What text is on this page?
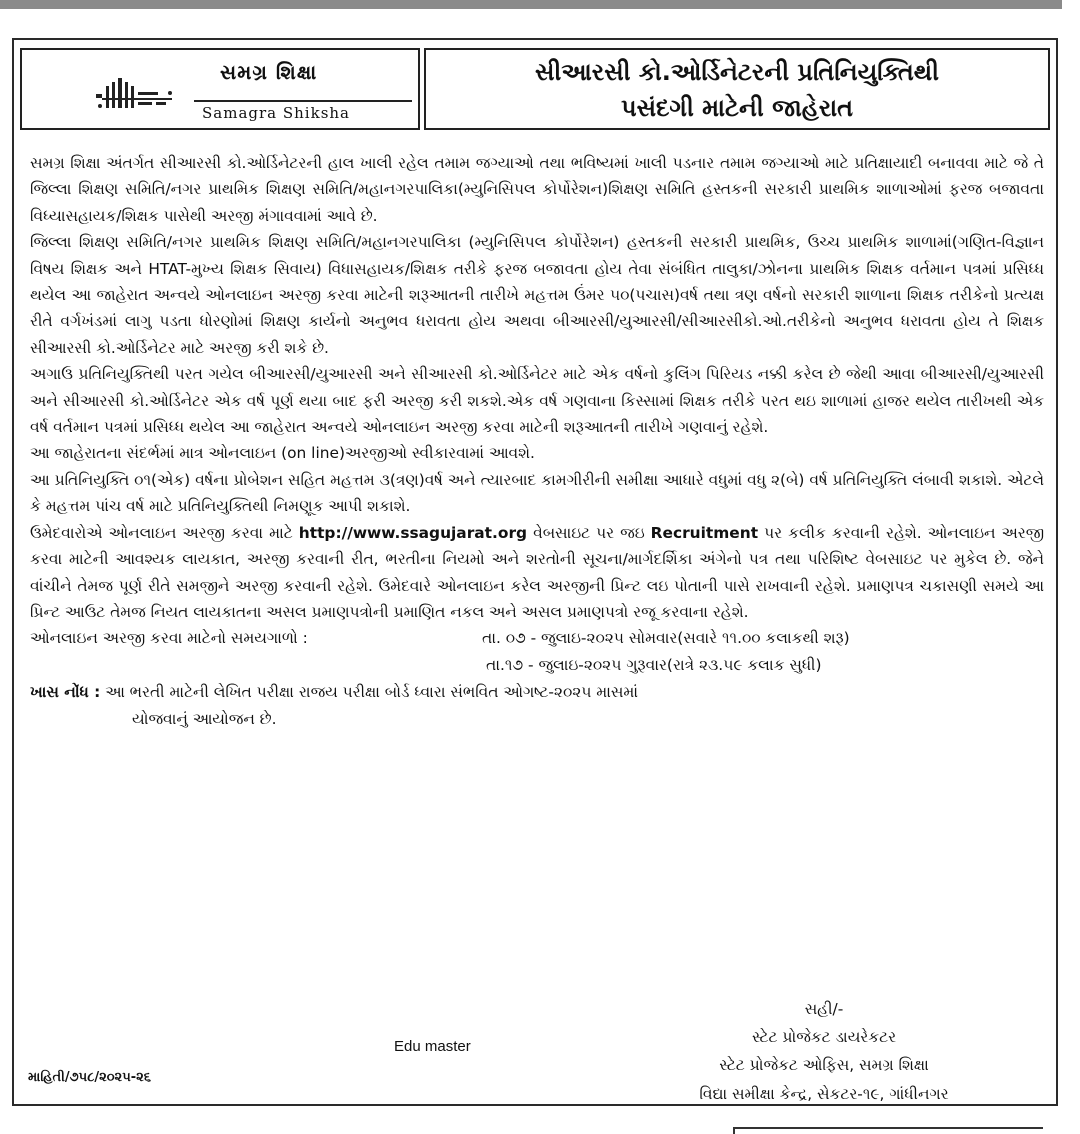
સમગ્ર શિક્ષા
Samagra Shiksha
સીઆરસી કો.ઓર્ડિનેટરની પ્રતિનિયુક્તિથી
પસંદગી માટેની જાહેરાત

સમગ્ર શિક્ષા અંતર્ગત સીઆરસી કો.ઓર્ડિનેટરની હાલ ખાલી રહેલ તમામ જગ્યાઓ તથા ભવિષ્યમાં ખાલી પડનાર તમામ જગ્યાઓ માટે પ્રતિક્ષાયાદી બનાવવા માટે જે તે જિલ્લા શિક્ષણ સમિતિ/નગર પ્રાથમિક શિક્ષણ સમિતિ/મહાનગરપાલિકા(મ્યુનિસિપલ કોર્પોરેશન)શિક્ષણ સમિતિ હસ્તકની સરકારી પ્રાથમિક શાળાઓમાં ફરજ બજાવતા વિધ્યાસહાયક/શિક્ષક પાસેથી અરજી મંગાવવામાં આવે છે.

જિલ્લા શિક્ષણ સમિતિ/નગર પ્રાથમિક શિક્ષણ સમિતિ/મહાનગરપાલિકા (મ્યુનિસિપલ કોર્પોરેશન) હસ્તકની સરકારી પ્રાથમિક, ઉચ્ચ પ્રાથમિક શાળામાં(ગણિત-વિજ્ઞાન વિષય શિક્ષક અને HTAT-મુખ્ય શિક્ષક સિવાય) વિધાસહાયક/શિક્ષક તરીકે ફરજ બજાવતા હોય તેવા સંબંધિત તાલુકા/ઝોનના પ્રાથમિક શિક્ષક વર્તમાન પત્રમાં પ્રસિધ્ધ થયેલ આ જાહેરાત અન્વયે ઓનલાઇન અરજી કરવા માટેની શરૂઆતની તારીખે મહત્તમ ઉંમર ૫૦(પચાસ)વર્ષ તથા ત્રણ વર્ષનો સરકારી શાળાના શિક્ષક તરીકેનો પ્રત્યક્ષ રીતે વર્ગખંડમાં લાગુ પડતા ધોરણોમાં શિક્ષણ કાર્યનો અનુભવ ધરાવતા હોય અથવા બીઆરસી/યુઆરસી/સીઆરસીકો.ઓ.તરીકેનો અનુભવ ધરાવતા હોય તે શિક્ષક સીઆરસી કો.ઓર્ડિનેટર માટે અરજી કરી શકે છે.

અગાઉ પ્રતિનિયુક્તિથી પરત ગયેલ બીઆરસી/યુઆરસી અને સીઆરસી કો.ઓર્ડિનેટર માટે એક વર્ષનો કુલિંગ પિરિયડ નક્કી કરેલ છે જેથી આવા બીઆરસી/યુઆરસી અને સીઆરસી કો.ઓર્ડિનેટર એક વર્ષ પૂર્ણ થયા બાદ ફરી અરજી કરી શકશે.એક વર્ષ ગણવાના કિસ્સામાં શિક્ષક તરીકે પરત થઇ શાળામાં હાજર થયેલ તારીખથી એક વર્ષ વર્તમાન પત્રમાં પ્રસિધ્ધ થયેલ આ જાહેરાત અન્વયે ઓનલાઇન અરજી કરવા માટેની શરૂઆતની તારીખે ગણવાનું રહેશે.

આ જાહેરાતના સંદર્ભમાં માત્ર ઓનલાઇન (on line)અરજીઓ સ્વીકારવામાં આવશે.

આ પ્રતિનિયુક્તિ ૦૧(એક) વર્ષના પ્રોબેશન સહિત મહત્તમ ૩(ત્રણ)વર્ષ અને ત્યારબાદ કામગીરીની સમીક્ષા આધારે વધુમાં વધુ ૨(બે) વર્ષ પ્રતિનિયુક્તિ લંબાવી શકાશે. એટલે કે મહત્તમ પાંચ વર્ષ માટે પ્રતિનિયુક્તિથી નિમણૂક આપી શકાશે.

ઉમેદવારોએ ઓનલાઇન અરજી કરવા માટે http://www.ssagujarat.org વેબસાઇટ પર જઇ Recruitment પર કલીક કરવાની રહેશે. ઓનલાઇન અરજી કરવા માટેની આવશ્યક લાયકાત, અરજી કરવાની રીત, ભરતીના નિયમો અને શરતોની સૂચના/માર્ગદર્શિકા અંગેનો પત્ર તથા પરિશિષ્ટ વેબસાઇટ પર મુકેલ છે. જેને વાંચીને તેમજ પૂર્ણ રીતે સમજીને અરજી કરવાની રહેશે. ઉમેદવારે ઓનલાઇન કરેલ અરજીની પ્રિન્ટ લઇ પોતાની પાસે રાખવાની રહેશે. પ્રમાણપત્ર ચકાસણી સમયે આ પ્રિન્ટ આઉટ તેમજ નિયત લાયકાતના અસલ પ્રમાણપત્રોની પ્રમાણિત નકલ અને અસલ પ્રમાણપત્રો રજૂ કરવાના રહેશે.

ઓનલાઇન અરજી કરવા માટેનો સમયગાળો :	તા. ૦૭ - જુલાઇ-૨૦૨૫ સોમવાર(સવારે ૧૧.૦૦ કલાકથી શરૂ)
તા.૧૭ - જુલાઇ-૨૦૨૫ ગુરૂવાર(રાત્રે ૨૩.૫૯ કલાક સુધી)

ખાસ નોંધ : આ ભરતી માટેની લેખિત પરીક્ષા રાજય પરીક્ષા બોર્ડ ધ્વારા સંભવિત ઓગષ્ટ-૨૦૨૫ માસમાં

યોજવાનું આયોજન છે.

સહી/-
સ્ટેટ પ્રોજેકટ ડાયરેકટર
સ્ટેટ પ્રોજેકટ ઓફિસ, સમગ્ર શિક્ષા
વિદ્યા સમીક્ષા કેન્દ્ર, સેકટર-૧૯, ગાંધીનગર
Edu master
માહિતી/૭૫૮/૨૦૨૫-૨૬
